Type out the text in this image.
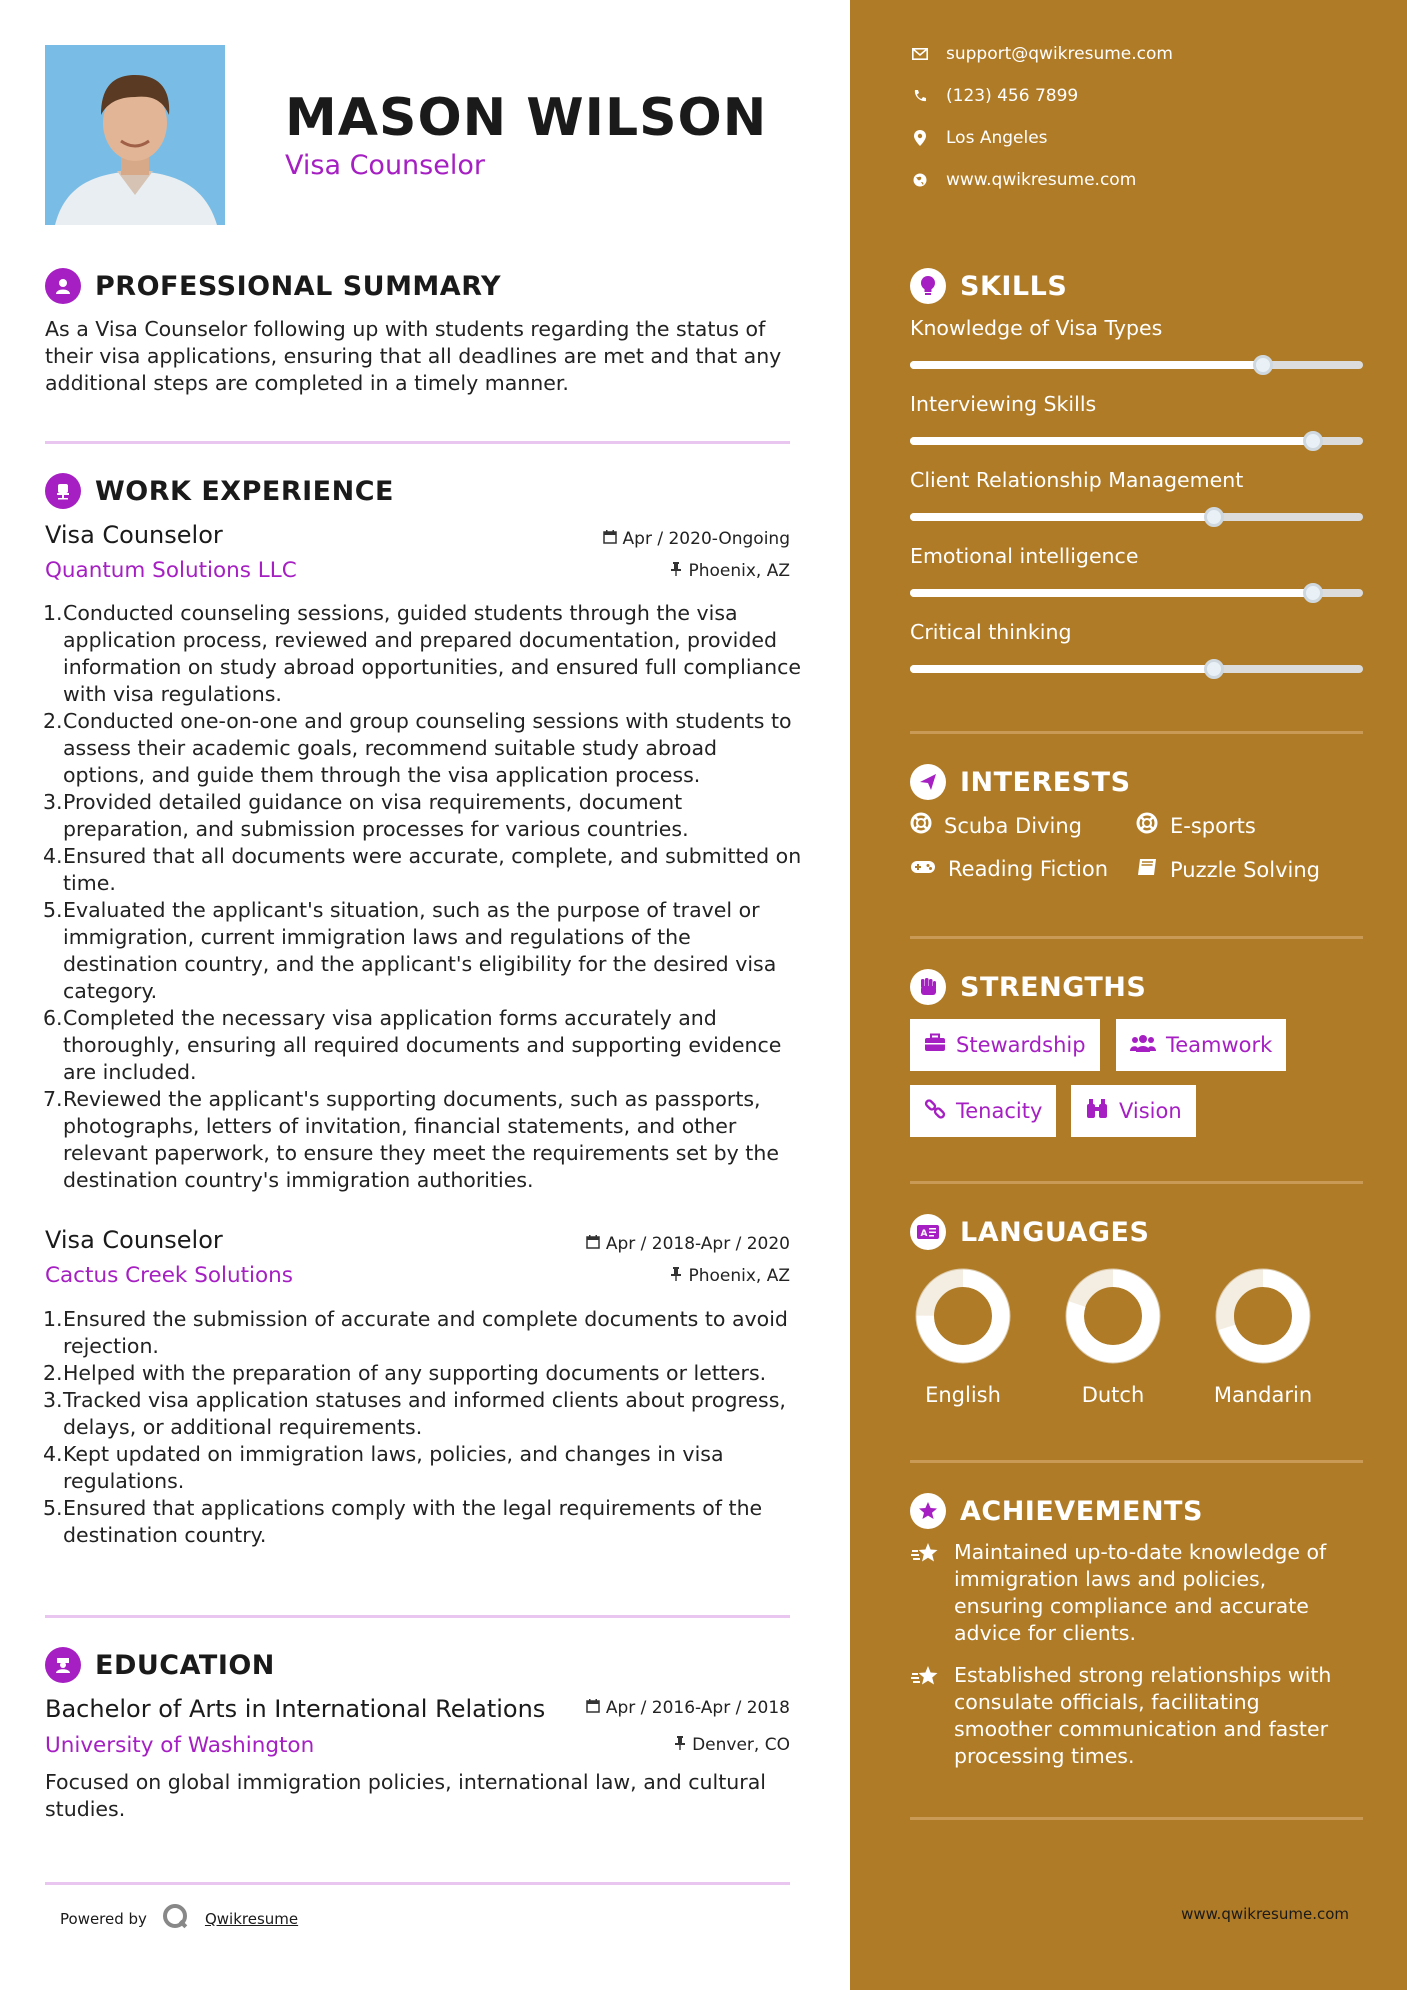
MASON WILSON
Visa Counselor
PROFESSIONAL SUMMARY
As a Visa Counselor following up with students regarding the status of their visa applications, ensuring that all deadlines are met and that any additional steps are completed in a timely manner.
WORK EXPERIENCE
Visa Counselor	Apr / 2020-Ongoing
Quantum Solutions LLC	Phoenix, AZ
1. Conducted counseling sessions, guided students through the visa application process, reviewed and prepared documentation, provided information on study abroad opportunities, and ensured full compliance with visa regulations.
2. Conducted one-on-one and group counseling sessions with students to assess their academic goals, recommend suitable study abroad options, and guide them through the visa application process.
3. Provided detailed guidance on visa requirements, document preparation, and submission processes for various countries.
4. Ensured that all documents were accurate, complete, and submitted on time.
5. Evaluated the applicant's situation, such as the purpose of travel or immigration, current immigration laws and regulations of the destination country, and the applicant's eligibility for the desired visa category.
6. Completed the necessary visa application forms accurately and thoroughly, ensuring all required documents and supporting evidence are included.
7. Reviewed the applicant's supporting documents, such as passports, photographs, letters of invitation, financial statements, and other relevant paperwork, to ensure they meet the requirements set by the destination country's immigration authorities.
Visa Counselor	Apr / 2018-Apr / 2020
Cactus Creek Solutions	Phoenix, AZ
1. Ensured the submission of accurate and complete documents to avoid rejection.
2. Helped with the preparation of any supporting documents or letters.
3. Tracked visa application statuses and informed clients about progress, delays, or additional requirements.
4. Kept updated on immigration laws, policies, and changes in visa regulations.
5. Ensured that applications comply with the legal requirements of the destination country.
EDUCATION
Bachelor of Arts in International Relations	Apr / 2016-Apr / 2018
University of Washington	Denver, CO
Focused on global immigration policies, international law, and cultural studies.
Powered by	Qwikresume	www.qwikresume.com
support@qwikresume.com
(123) 456 7899
Los Angeles
www.qwikresume.com
SKILLS
Knowledge of Visa Types
Interviewing Skills
Client Relationship Management
Emotional intelligence
Critical thinking
INTERESTS
Scuba Diving	E-sports
Reading Fiction	Puzzle Solving
STRENGTHS
Stewardship	Teamwork
Tenacity	Vision
A LANGUAGES
English	Dutch	Mandarin
ACHIEVEMENTS
Maintained up-to-date knowledge of immigration laws and policies, ensuring compliance and accurate advice for clients.
Established strong relationships with consulate officials, facilitating smoother communication and faster processing times.
